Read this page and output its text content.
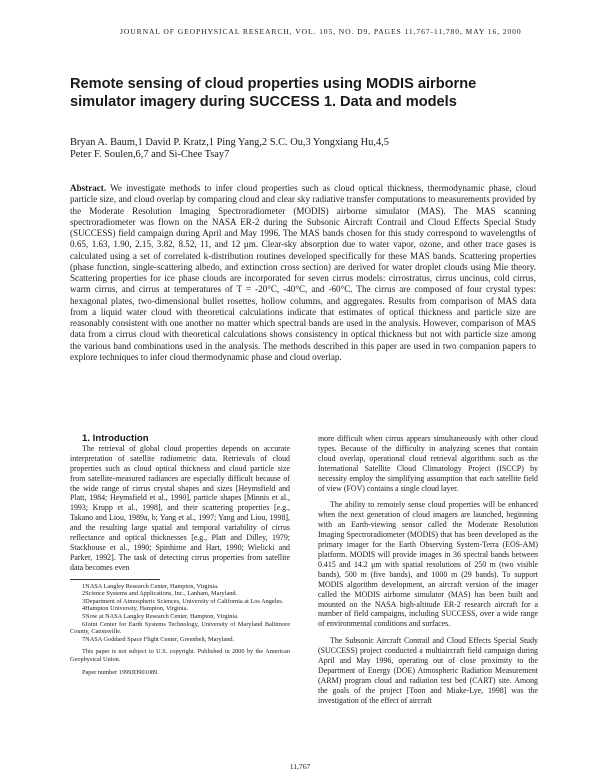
JOURNAL OF GEOPHYSICAL RESEARCH, VOL. 105, NO. D9, PAGES 11,767-11,780, MAY 16, 2000
Remote sensing of cloud properties using MODIS airborne simulator imagery during SUCCESS 1. Data and models
Bryan A. Baum,1 David P. Kratz,1 Ping Yang,2 S.C. Ou,3 Yongxiang Hu,4,5
Peter F. Soulen,6,7 and Si-Chee Tsay7

Abstract. We investigate methods to infer cloud properties such as cloud optical thickness, thermodynamic phase, cloud particle size, and cloud overlap by comparing cloud and clear sky radiative transfer computations to measurements provided by the Moderate Resolution Imaging Spectroradiometer (MODIS) airborne simulator (MAS). The MAS scanning spectroradiometer was flown on the NASA ER-2 during the Subsonic Aircraft Contrail and Cloud Effects Special Study (SUCCESS) field campaign during April and May 1996. The MAS bands chosen for this study correspond to wavelengths of 0.65, 1.63, 1.90, 2.15, 3.82, 8.52, 11, and 12 μm. Clear-sky absorption due to water vapor, ozone, and other trace gases is calculated using a set of correlated k-distribution routines developed specifically for these MAS bands. Scattering properties (phase function, single-scattering albedo, and extinction cross section) are derived for water droplet clouds using Mie theory. Scattering properties for ice phase clouds are incorporated for seven cirrus models: cirrostratus, cirrus uncinus, cold cirrus, warm cirrus, and cirrus at temperatures of T = -20°C, -40°C, and -60°C. The cirrus are composed of four crystal types: hexagonal plates, two-dimensional bullet rosettes, hollow columns, and aggregates. Results from comparison of MAS data from a liquid water cloud with theoretical calculations indicate that estimates of optical thickness and particle size are reasonably consistent with one another no matter which spectral bands are used in the analysis. However, comparison of MAS data from a cirrus cloud with theoretical calculations shows consistency in optical thickness but not with particle size among the various band combinations used in the analysis. The methods described in this paper are used in two companion papers to explore techniques to infer cloud thermodynamic phase and cloud overlap.

1. Introduction

The retrieval of global cloud properties depends on accurate interpretation of satellite radiometric data. Retrievals of cloud properties such as cloud optical thickness and cloud particle size from satellite-measured radiances are especially difficult because of the wide range of cirrus crystal shapes and sizes [Heymsfield and Platt, 1984; Heymsfield et al., 1990], particle shapes [Minnis et al., 1993; Krupp et al., 1998], and their scattering properties [e.g., Takano and Liou, 1989a, b; Yang et al., 1997; Yang and Liou, 1998], and the resulting large spatial and temporal variability of cirrus reflectance and optical thicknesses [e.g., Platt and Dilley, 1979; Stackhouse et al., 1990; Spinhirne and Hart, 1990; Wielicki and Parker, 1992]. The task of detecting cirrus properties from satellite data becomes even

1NASA Langley Research Center, Hampton, Virginia.

2Science Systems and Applications, Inc., Lanham, Maryland.

3Department of Atmospheric Sciences, University of California at Los Angeles.

4Hampton University, Hampton, Virginia.

5Now at NASA Langley Research Center, Hampton, Virginia.

6Joint Center for Earth Systems Technology, University of Maryland Baltimore County, Catonsville.

7NASA Goddard Space Flight Center, Greenbelt, Maryland.

This paper is not subject to U.S. copyright. Published in 2000 by the American Geophysical Union.

Paper number 1999JD901089.

more difficult when cirrus appears simultaneously with other cloud types. Because of the difficulty in analyzing scenes that contain cloud overlap, operational cloud retrieval algorithms such as the International Satellite Cloud Climatology Project (ISCCP) by necessity employ the simplifying assumption that each satellite field of view (FOV) contains a single cloud layer.

The ability to remotely sense cloud properties will be enhanced when the next generation of cloud imagers are launched, beginning with an Earth-viewing sensor called the Moderate Resolution Imaging Spectroradiometer (MODIS) that has been developed as the primary imager for the Earth Observing System-Terra (EOS-AM) platform. MODIS will provide images in 36 spectral bands between 0.415 and 14.2 μm with spatial resolutions of 250 m (two visible bands), 500 m (five bands), and 1000 m (29 bands). To support MODIS algorithm development, an aircraft version of the imager called the MODIS airborne simulator (MAS) has been built and mounted on the NASA high-altitude ER-2 research aircraft for a number of field campaigns, including SUCCESS, over a wide range of environmental conditions and surfaces.

The Subsonic Aircraft Contrail and Cloud Effects Special Study (SUCCESS) project conducted a multiaircraft field campaign during April and May 1996, operating out of close proximity to the Department of Energy (DOE) Atmospheric Radiation Measurement (ARM) program cloud and radiation test bed (CART) site. Among the goals of the project [Toon and Miake-Lye, 1998] was the investigation of the effect of aircraft

11,767
